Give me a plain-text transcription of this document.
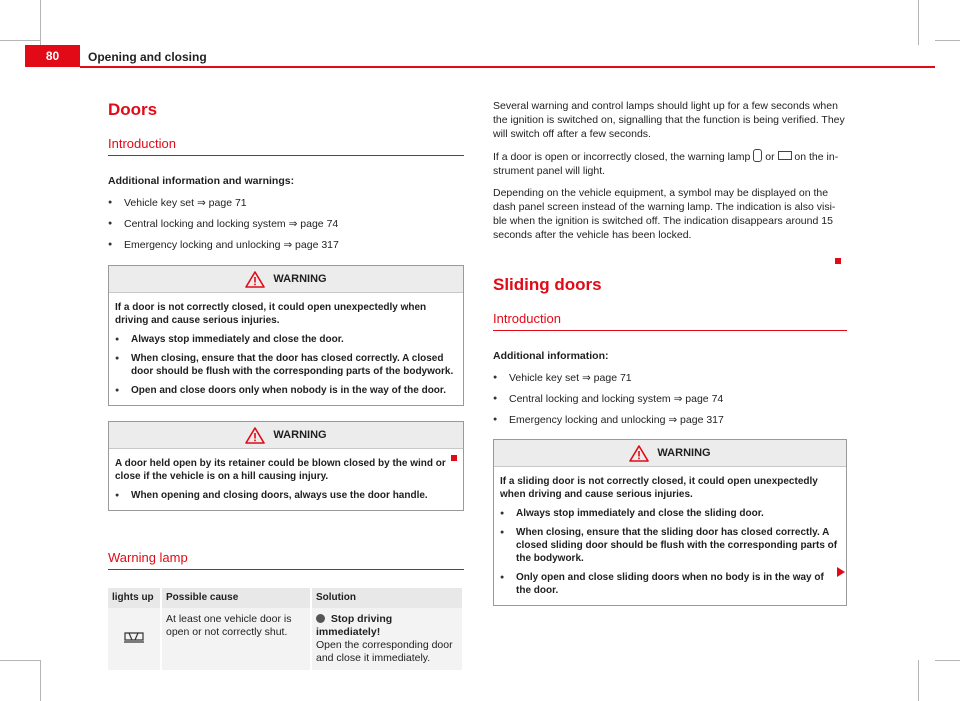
80	Opening and closing
Doors
Introduction
Additional information and warnings:
● Vehicle key set ⇒ page 71
● Central locking and locking system ⇒ page 74
● Emergency locking and unlocking ⇒ page 317
WARNING

If a door is not correctly closed, it could open unexpectedly when driving and cause serious injuries.

● Always stop immediately and close the door.
● When closing, ensure that the door has closed correctly. A closed door should be flush with the corresponding parts of the bodywork.
● Open and close doors only when nobody is in the way of the door.
WARNING

A door held open by its retainer could be blown closed by the wind or close if the vehicle is on a hill causing injury.

● When opening and closing doors, always use the door handle.
Warning lamp
lights up	Possible cause	Solution
	At least one vehicle door is open or not correctly shut.	Stop driving immediately!
Open the corresponding door and close it immediately.

Several warning and control lamps should light up for a few seconds when the ignition is switched on, signalling that the function is being verified. They will switch off after a few seconds.

If a door is open or incorrectly closed, the warning lamp or on the in- strument panel will light.

Depending on the vehicle equipment, a symbol may be displayed on the dash panel screen instead of the warning lamp. The indication is also visi- ble when the ignition is switched off. The indication disappears around 15 seconds after the vehicle has been locked.

Sliding doors
Introduction
Additional information:
● Vehicle key set ⇒ page 71
● Central locking and locking system ⇒ page 74
● Emergency locking and unlocking ⇒ page 317
WARNING

If a sliding door is not correctly closed, it could open unexpectedly when driving and cause serious injuries.

● Always stop immediately and close the sliding door.
● When closing, ensure that the sliding door has closed correctly. A closed sliding door should be flush with the corresponding parts of the bodywork.
● Only open and close sliding doors when no body is in the way of the door.
